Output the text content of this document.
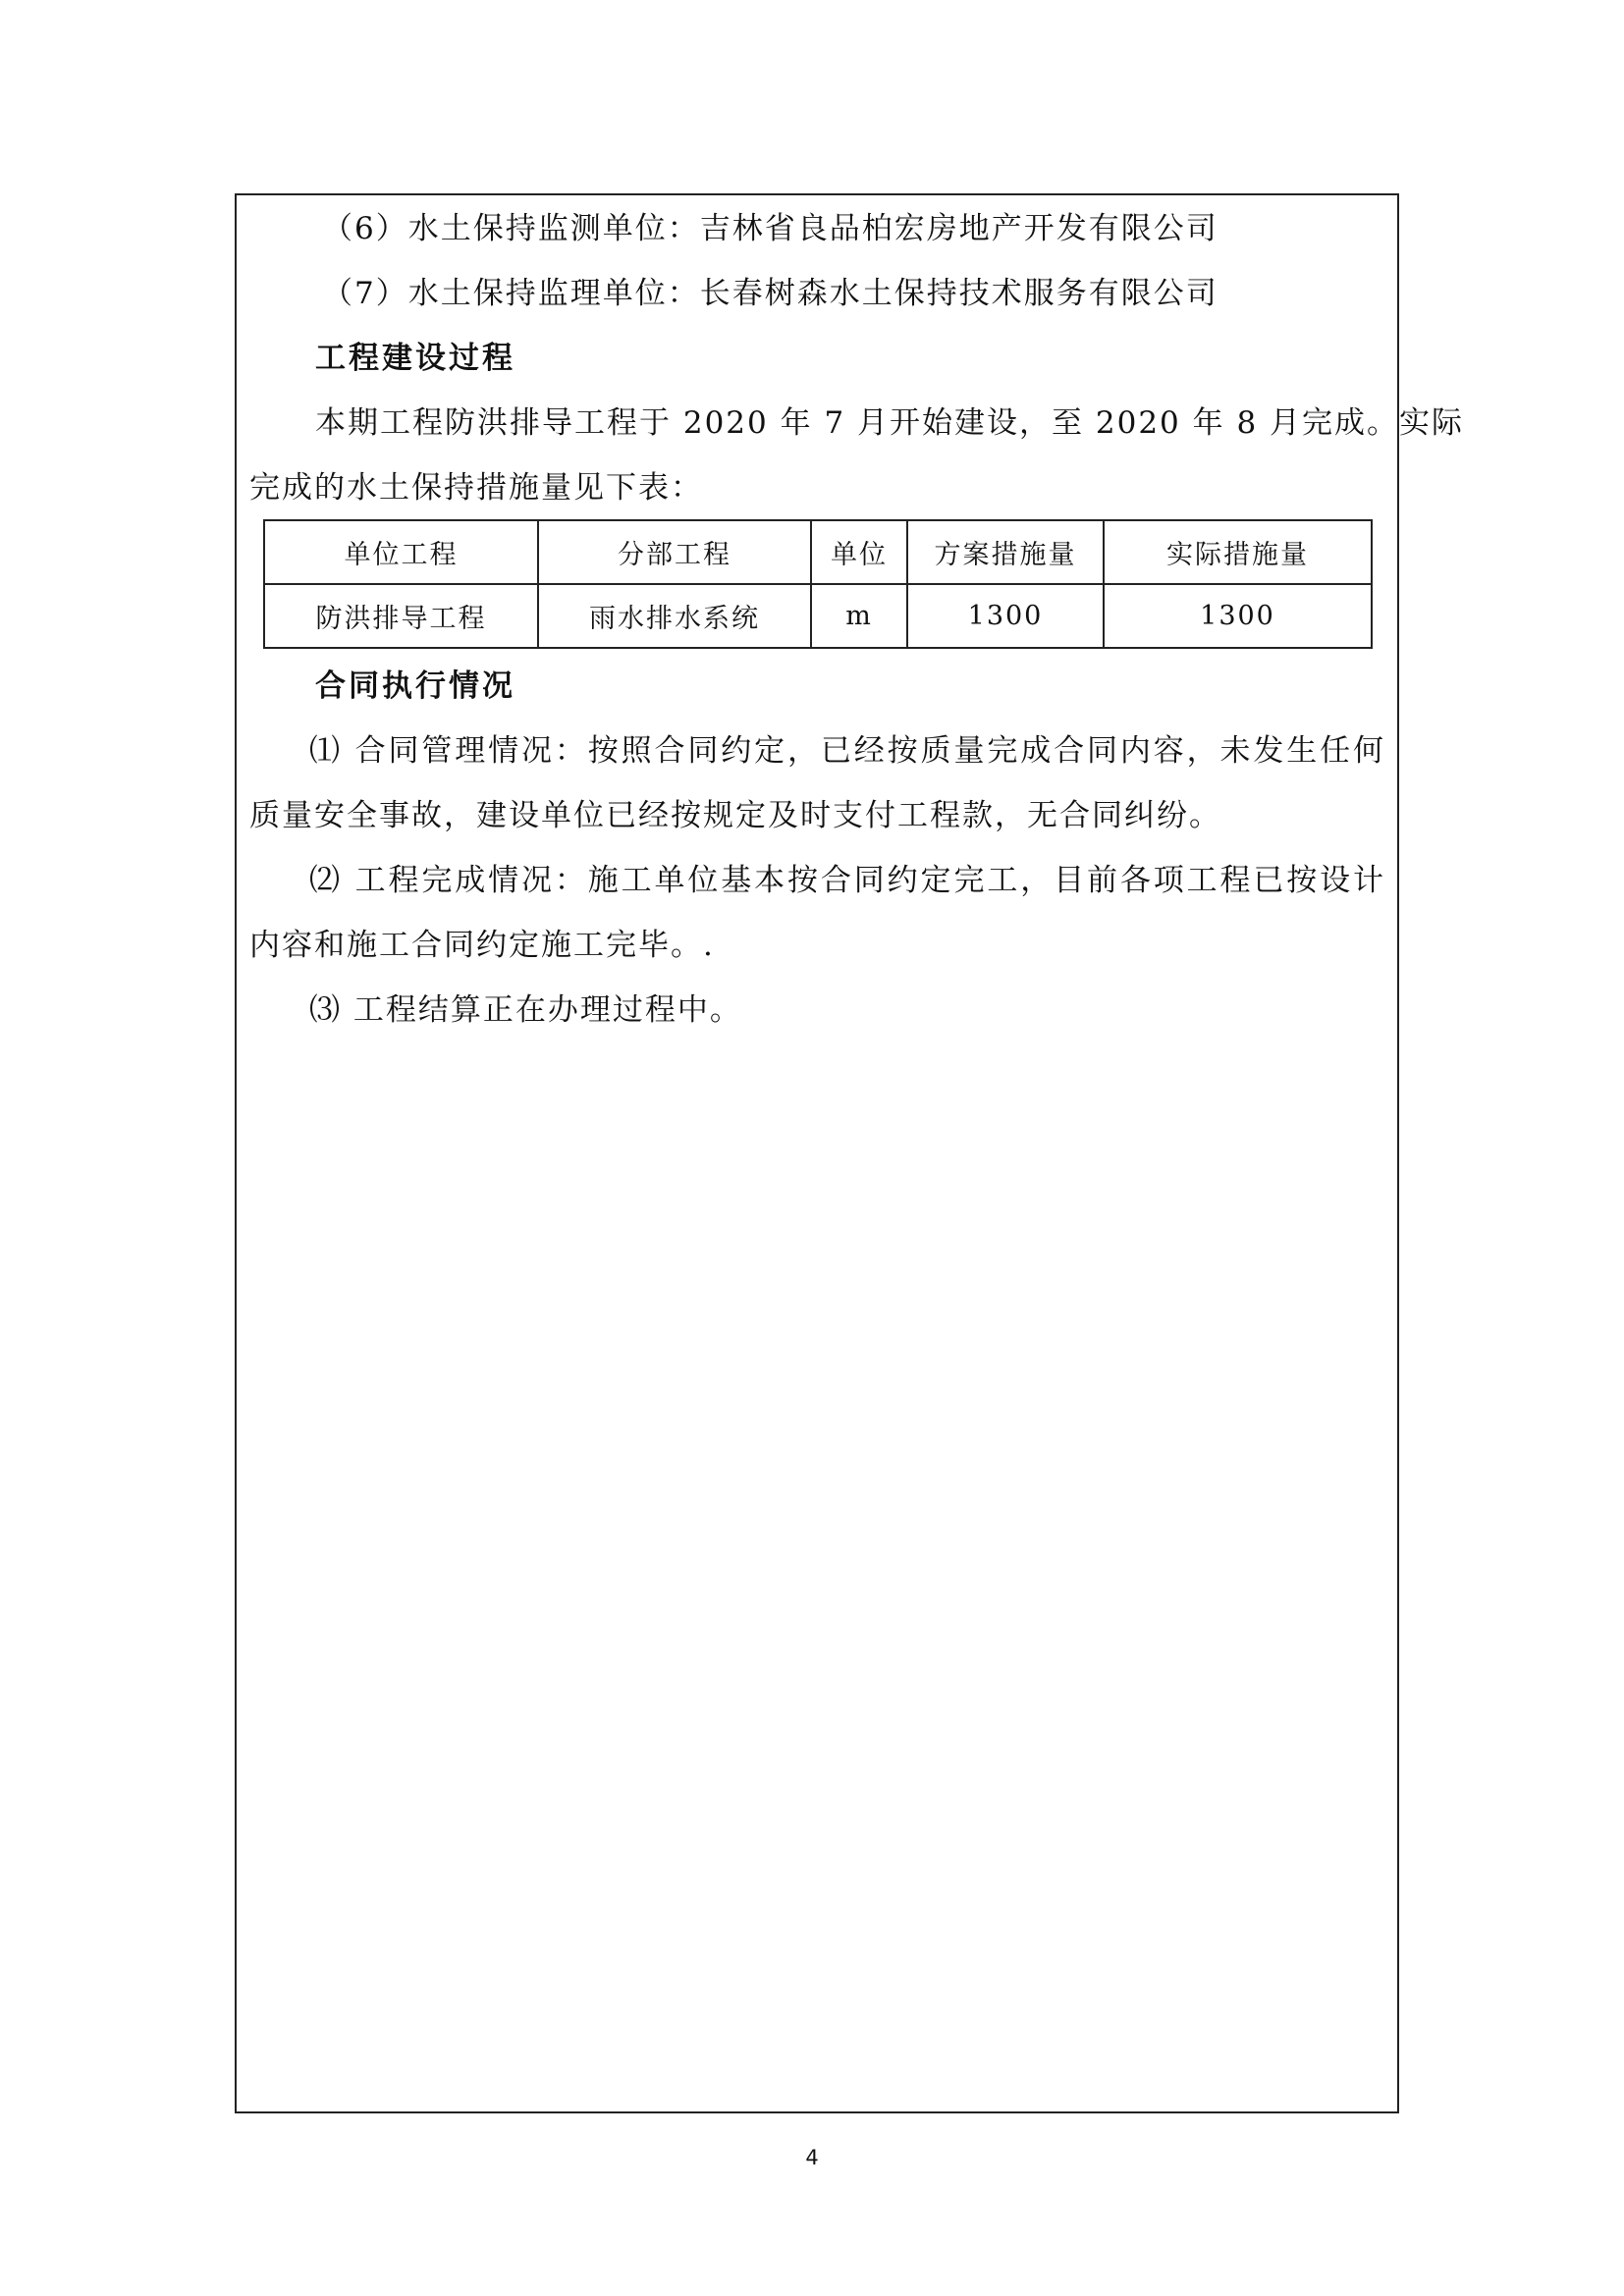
（6）水土保持监测单位：吉林省良品柏宏房地产开发有限公司
（7）水土保持监理单位：长春树森水土保持技术服务有限公司
工程建设过程
本期工程防洪排导工程于 2020 年 7 月开始建设，至 2020 年 8 月完成。实际
完成的水土保持措施量见下表：
单位工程	分部工程	单位	方案措施量	实际措施量
防洪排导工程	雨水排水系统	m	1300	1300
合同执行情况
⑴ 合同管理情况：按照合同约定，已经按质量完成合同内容，未发生任何
质量安全事故，建设单位已经按规定及时支付工程款，无合同纠纷。
⑵ 工程完成情况：施工单位基本按合同约定完工，目前各项工程已按设计
内容和施工合同约定施工完毕。.
⑶ 工程结算正在办理过程中。
4
